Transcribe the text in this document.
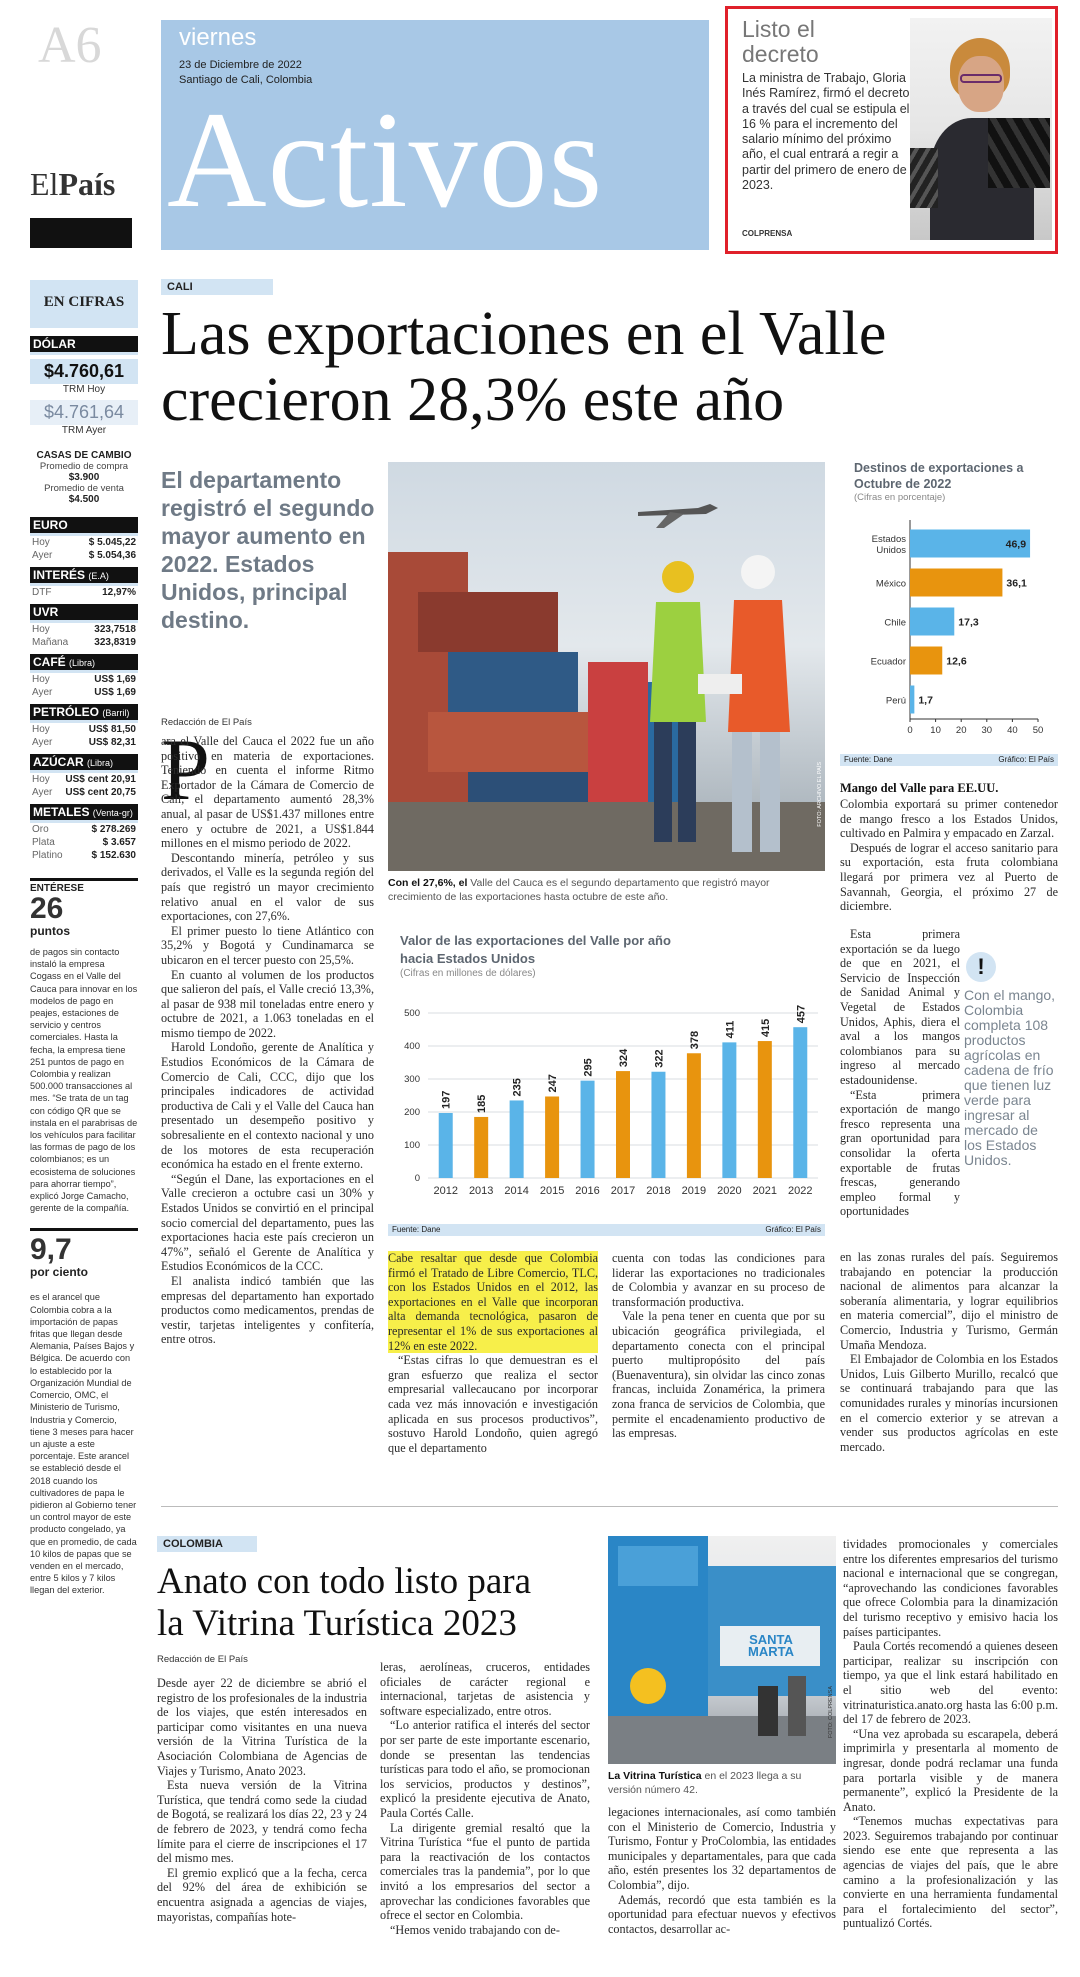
A6
ElPaís
viernes
23 de Diciembre de 2022
Santiago de Cali, Colombia
Activos
Listo el
decreto
La ministra de Trabajo, Gloria Inés Ramírez, firmó el decreto a través del cual se estipula el 16 % para el incremento del salario mínimo del próximo año, el cual entrará a regir a partir del primero de enero de 2023.
COLPRENSA
EN CIFRAS
DÓLAR
$4.760,61
TRM Hoy
$4.761,64
TRM Ayer
CASAS DE CAMBIO
Promedio de compra
$3.900
Promedio de venta
$4.500
EURO
Hoy	$ 5.045,22
Ayer	$ 5.054,36
INTERÉS (E.A)
DTF	12,97%
UVR
Hoy	323,7518
Mañana	323,8319
CAFÉ (Libra)
Hoy	US$ 1,69
Ayer	US$ 1,69
PETRÓLEO (Barril)
Hoy	US$ 81,50
Ayer	US$ 82,31
AZÚCAR (Libra)
Hoy US$ cent 20,91
Ayer US$ cent 20,75
METALES (Venta-gr)
Oro	$ 278.269
Plata	$ 3.657
Platino	$ 152.630
ENTÉRESE
26
puntos
de pagos sin contacto instaló la empresa Cogass en el Valle del Cauca para innovar en los modelos de pago en peajes, estaciones de servicio y centros comerciales. Hasta la fecha, la empresa tiene 251 puntos de pago en Colombia y realizan 500.000 transacciones al mes. “Se trata de un tag con código QR que se instala en el parabrisas de los vehículos para facilitar las formas de pago de los colombianos; es un ecosistema de soluciones para ahorrar tiempo”, explicó Jorge Camacho, gerente de la compañía.
9,7
por ciento
es el arancel que Colombia cobra a la importación de papas fritas que llegan desde Alemania, Países Bajos y Bélgica. De acuerdo con lo establecido por la Organización Mundial de Comercio, OMC, el Ministerio de Turismo, Industria y Comercio, tiene 3 meses para hacer un ajuste a este porcentaje. Este arancel se estableció desde el 2018 cuando los cultivadores de papa le pidieron al Gobierno tener un control mayor de este producto congelado, ya que en promedio, de cada 10 kilos de papas que se venden en el mercado, entre 5 kilos y 7 kilos llegan del exterior.
CALI
Las exportaciones en el Valle
crecieron 28,3% este año
El departamento registró el segundo mayor aumento en 2022. Estados Unidos, principal destino.
Redacción de El País
P

ara el Valle del Cauca el 2022 fue un año positivo en materia de exportaciones. Teniendo en cuenta el informe Ritmo Exportador de la Cámara de Comercio de Cali, el departamento aumentó 28,3% anual, al pasar de US$1.437 millones entre enero y octubre de 2021, a US$1.844 millones en el mismo periodo de 2022.

Descontando minería, petróleo y sus derivados, el Valle es la segunda región del país que registró un mayor crecimiento relativo anual en el valor de sus exportaciones, con 27,6%.

El primer puesto lo tiene Atlántico con 35,2% y Bogotá y Cundinamarca se ubicaron en el tercer puesto con 25,5%.

En cuanto al volumen de los productos que salieron del país, el Valle creció 13,3%, al pasar de 938 mil toneladas entre enero y octubre de 2021, a 1.063 toneladas en el mismo tiempo de 2022.

Harold Londoño, gerente de Analítica y Estudios Económicos de la Cámara de Comercio de Cali, CCC, dijo que los principales indicadores de actividad productiva de Cali y el Valle del Cauca han presentado un desempeño positivo y sobresaliente en el contexto nacional y uno de los motores de esta recuperación económica ha estado en el frente externo.

“Según el Dane, las exportaciones en el Valle crecieron a octubre casi un 30% y Estados Unidos se convirtió en el principal socio comercial del departamento, pues las exportaciones hacia este país crecieron un 47%”, señaló el Gerente de Analítica y Estudios Económicos de la CCC.

El analista indicó también que las empresas del departamento han exportado productos como medicamentos, prendas de vestir, tarjetas inteligentes y confitería, entre otros.

FOTO: ARCHIVO EL PAÍS
Con el 27,6%, el Valle del Cauca es el segundo departamento que registró mayor crecimiento de las exportaciones hasta octubre de este año.
Destinos de exportaciones a Octubre de 2022
(Cifras en porcentaje)
Estados
Unidos	46,9
México	36,1
Chile	17,3
Ecuador	12,6
Perú 1,7
0 10 20 30 40 50
Fuente: Dane	Gráfico: El País
Valor de las exportaciones del Valle por año hacia Estados Unidos
(Cifras en millones de dólares)
0
100
200
300
400
500
197
2012
185
2013
235
2014
247
2015
295
2016
324
2017
322
2018
378
2019
411
2020
415
2021
457
2022
Fuente: Dane	Gráfico: El País

Cabe resaltar que desde que Colombia firmó el Tratado de Libre Comercio, TLC, con los Estados Unidos en el 2012, las exportaciones en el Valle que incorporan alta demanda tecnológica, pasaron de representar el 1% de sus exportaciones al 12% en este 2022.

“Estas cifras lo que demuestran es el gran esfuerzo que realiza el sector empresarial vallecaucano por incorporar cada vez más innovación e investigación aplicada en sus procesos productivos”, sostuvo Harold Londoño, quien agregó que el departamento

cuenta con todas las condiciones para liderar las exportaciones no tradicionales de Colombia y avanzar en su proceso de transformación productiva.

Vale la pena tener en cuenta que por su ubicación geográfica privilegiada, el departamento conecta con el principal puerto multipropósito del país (Buenaventura), sin olvidar las cinco zonas francas, incluida Zonamérica, la primera zona franca de servicios de Colombia, que permite el encadenamiento productivo de las empresas.

Mango del Valle para EE.UU.

Colombia exportará su primer contenedor de mango fresco a los Estados Unidos, cultivado en Palmira y empacado en Zarzal.

Después de lograr el acceso sanitario para su exportación, esta fruta colombiana llegará por primera vez al Puerto de Savannah, Georgia, el próximo 27 de diciembre.

Esta primera exportación se da luego de que en 2021, el Servicio de Inspección de Sanidad Animal y Vegetal de Estados Unidos, Aphis, diera el aval a los mangos colombianos para su ingreso al mercado estadounidense.

“Esta primera exportación de mango fresco representa una gran oportunidad para consolidar la oferta exportable de frutas frescas, generando empleo formal y oportunidades

!
Con el mango, Colombia completa 108 productos agrícolas en cadena de frío que tienen luz verde para ingresar al mercado de los Estados Unidos.

en las zonas rurales del país. Seguiremos trabajando en potenciar la producción nacional de alimentos para alcanzar la soberanía alimentaria, y lograr equilibrios en materia comercial”, dijo el ministro de Comercio, Industria y Turismo, Germán Umaña Mendoza.

El Embajador de Colombia en los Estados Unidos, Luis Gilberto Murillo, recalcó que se continuará trabajando para que las comunidades rurales y minorías incursionen en el comercio exterior y se atrevan a vender sus productos agrícolas en este mercado.

COLOMBIA
Anato con todo listo para
la Vitrina Turística 2023
Redacción de El País

Desde ayer 22 de diciembre se abrió el registro de los profesionales de la industria de los viajes, que estén interesados en participar como visitantes en una nueva versión de la Vitrina Turística de la Asociación Colombiana de Agencias de Viajes y Turismo, Anato 2023.

Esta nueva versión de la Vitrina Turística, que tendrá como sede la ciudad de Bogotá, se realizará los días 22, 23 y 24 de febrero de 2023, y tendrá como fecha límite para el cierre de inscripciones el 17 del mismo mes.

El gremio explicó que a la fecha, cerca del 92% del área de exhibición se encuentra asignada a agencias de viajes, mayoristas, compañías hote-

leras, aerolíneas, cruceros, entidades oficiales de carácter regional e internacional, tarjetas de asistencia y software especializado, entre otros.

“Lo anterior ratifica el interés del sector por ser parte de este importante escenario, donde se presentan las tendencias turísticas para todo el año, se promocionan los servicios, productos y destinos”, explicó la presidente ejecutiva de Anato, Paula Cortés Calle.

La dirigente gremial resaltó que la Vitrina Turística “fue el punto de partida para la reactivación de los contactos comerciales tras la pandemia”, por lo que invitó a los empresarios del sector a aprovechar las condiciones favorables que ofrece el sector en Colombia.

“Hemos venido trabajando con de-

SANTA MARTA
FOTO: COLPRENSA
La Vitrina Turística en el 2023 llega a su versión número 42.

legaciones internacionales, así como también con el Ministerio de Comercio, Industria y Turismo, Fontur y ProColombia, las entidades municipales y departamentales, para que cada año, estén presentes los 32 departamentos de Colombia”, dijo.

Además, recordó que esta también es la oportunidad para efectuar nuevos y efectivos contactos, desarrollar ac-

tividades promocionales y comerciales entre los diferentes empresarios del turismo nacional e internacional que se congregan, “aprovechando las condiciones favorables que ofrece Colombia para la dinamización del turismo receptivo y emisivo hacia los países participantes.

Paula Cortés recomendó a quienes deseen participar, realizar su inscripción con tiempo, ya que el link estará habilitado en el sitio web del evento: vitrinaturistica.anato.org hasta las 6:00 p.m. del 17 de febrero de 2023.

“Una vez aprobada su escarapela, deberá imprimirla y presentarla al momento de ingresar, donde podrá reclamar una funda para portarla visible y de manera permanente”, explicó la Presidente de la Anato.

“Tenemos muchas expectativas para 2023. Seguiremos trabajando por continuar siendo ese ente que representa a las agencias de viajes del país, que le abre camino a la profesionalización y las convierte en una herramienta fundamental para el fortalecimiento del sector”, puntualizó Cortés.
